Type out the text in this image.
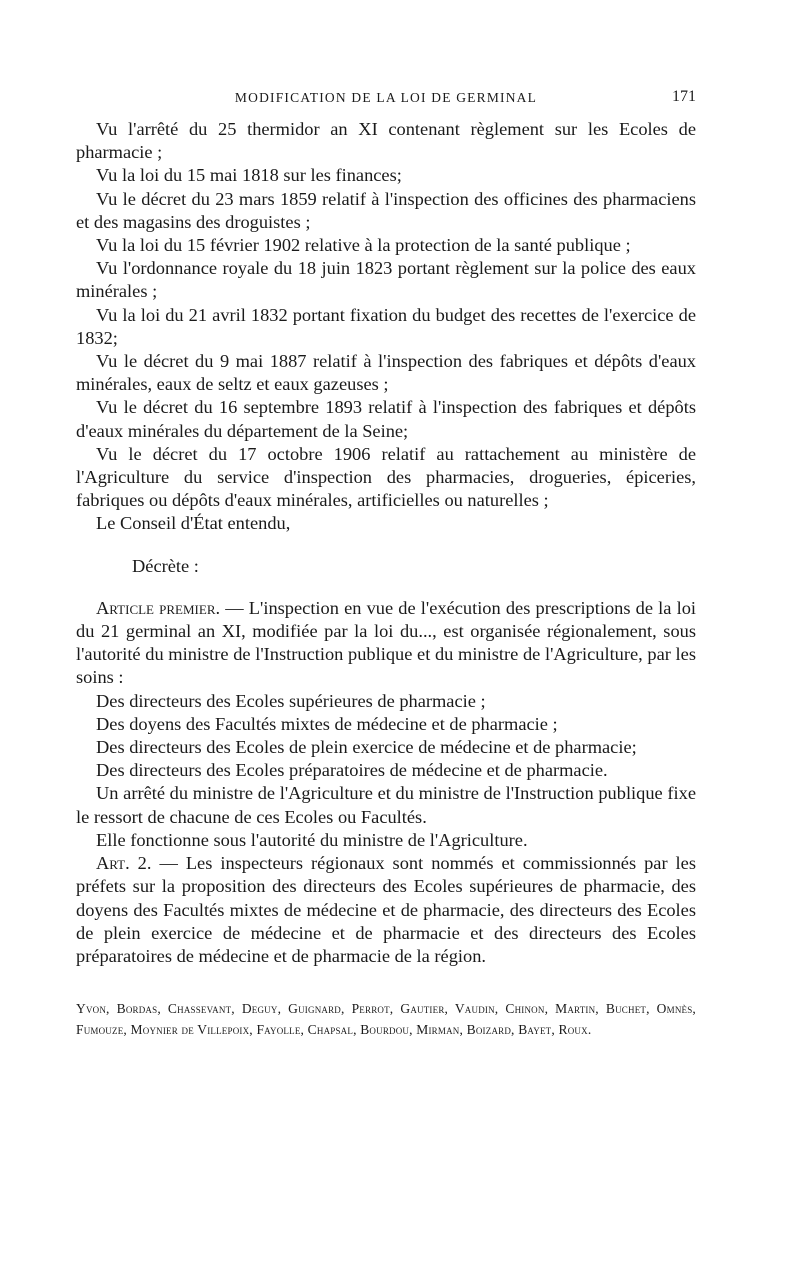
MODIFICATION DE LA LOI DE GERMINAL	171

Vu l'arrêté du 25 thermidor an XI contenant règlement sur les Ecoles de pharmacie ;

Vu la loi du 15 mai 1818 sur les finances;

Vu le décret du 23 mars 1859 relatif à l'inspection des officines des pharmaciens et des magasins des droguistes ;

Vu la loi du 15 février 1902 relative à la protection de la santé publique ;

Vu l'ordonnance royale du 18 juin 1823 portant règlement sur la police des eaux minérales ;

Vu la loi du 21 avril 1832 portant fixation du budget des recettes de l'exercice de 1832;

Vu le décret du 9 mai 1887 relatif à l'inspection des fabriques et dépôts d'eaux minérales, eaux de seltz et eaux gazeuses ;

Vu le décret du 16 septembre 1893 relatif à l'inspection des fabriques et dépôts d'eaux minérales du département de la Seine;

Vu le décret du 17 octobre 1906 relatif au rattachement au ministère de l'Agriculture du service d'inspection des pharmacies, drogueries, épiceries, fabriques ou dépôts d'eaux minérales, artificielles ou naturelles ;

Le Conseil d'État entendu,

Décrète :

Article premier. — L'inspection en vue de l'exécution des prescriptions de la loi du 21 germinal an XI, modifiée par la loi du..., est organisée régionalement, sous l'autorité du ministre de l'Instruction publique et du ministre de l'Agriculture, par les soins :

Des directeurs des Ecoles supérieures de pharmacie ;

Des doyens des Facultés mixtes de médecine et de pharmacie ;

Des directeurs des Ecoles de plein exercice de médecine et de pharmacie;

Des directeurs des Ecoles préparatoires de médecine et de pharmacie.

Un arrêté du ministre de l'Agriculture et du ministre de l'Instruction publique fixe le ressort de chacune de ces Ecoles ou Facultés.

Elle fonctionne sous l'autorité du ministre de l'Agriculture.

Art. 2. — Les inspecteurs régionaux sont nommés et commissionnés par les préfets sur la proposition des directeurs des Ecoles supérieures de pharmacie, des doyens des Facultés mixtes de médecine et de pharmacie, des directeurs des Ecoles de plein exercice de médecine et de pharmacie et des directeurs des Ecoles préparatoires de médecine et de pharmacie de la région.

Yvon, Bordas, Chassevant, Deguy, Guignard, Perrot, Gautier, Vaudin, Chinon, Martin, Buchet, Omnès, Fumouze, Moynier de Villepoix, Fayolle, Chapsal, Bourdou, Mirman, Boizard, Bayet, Roux.
